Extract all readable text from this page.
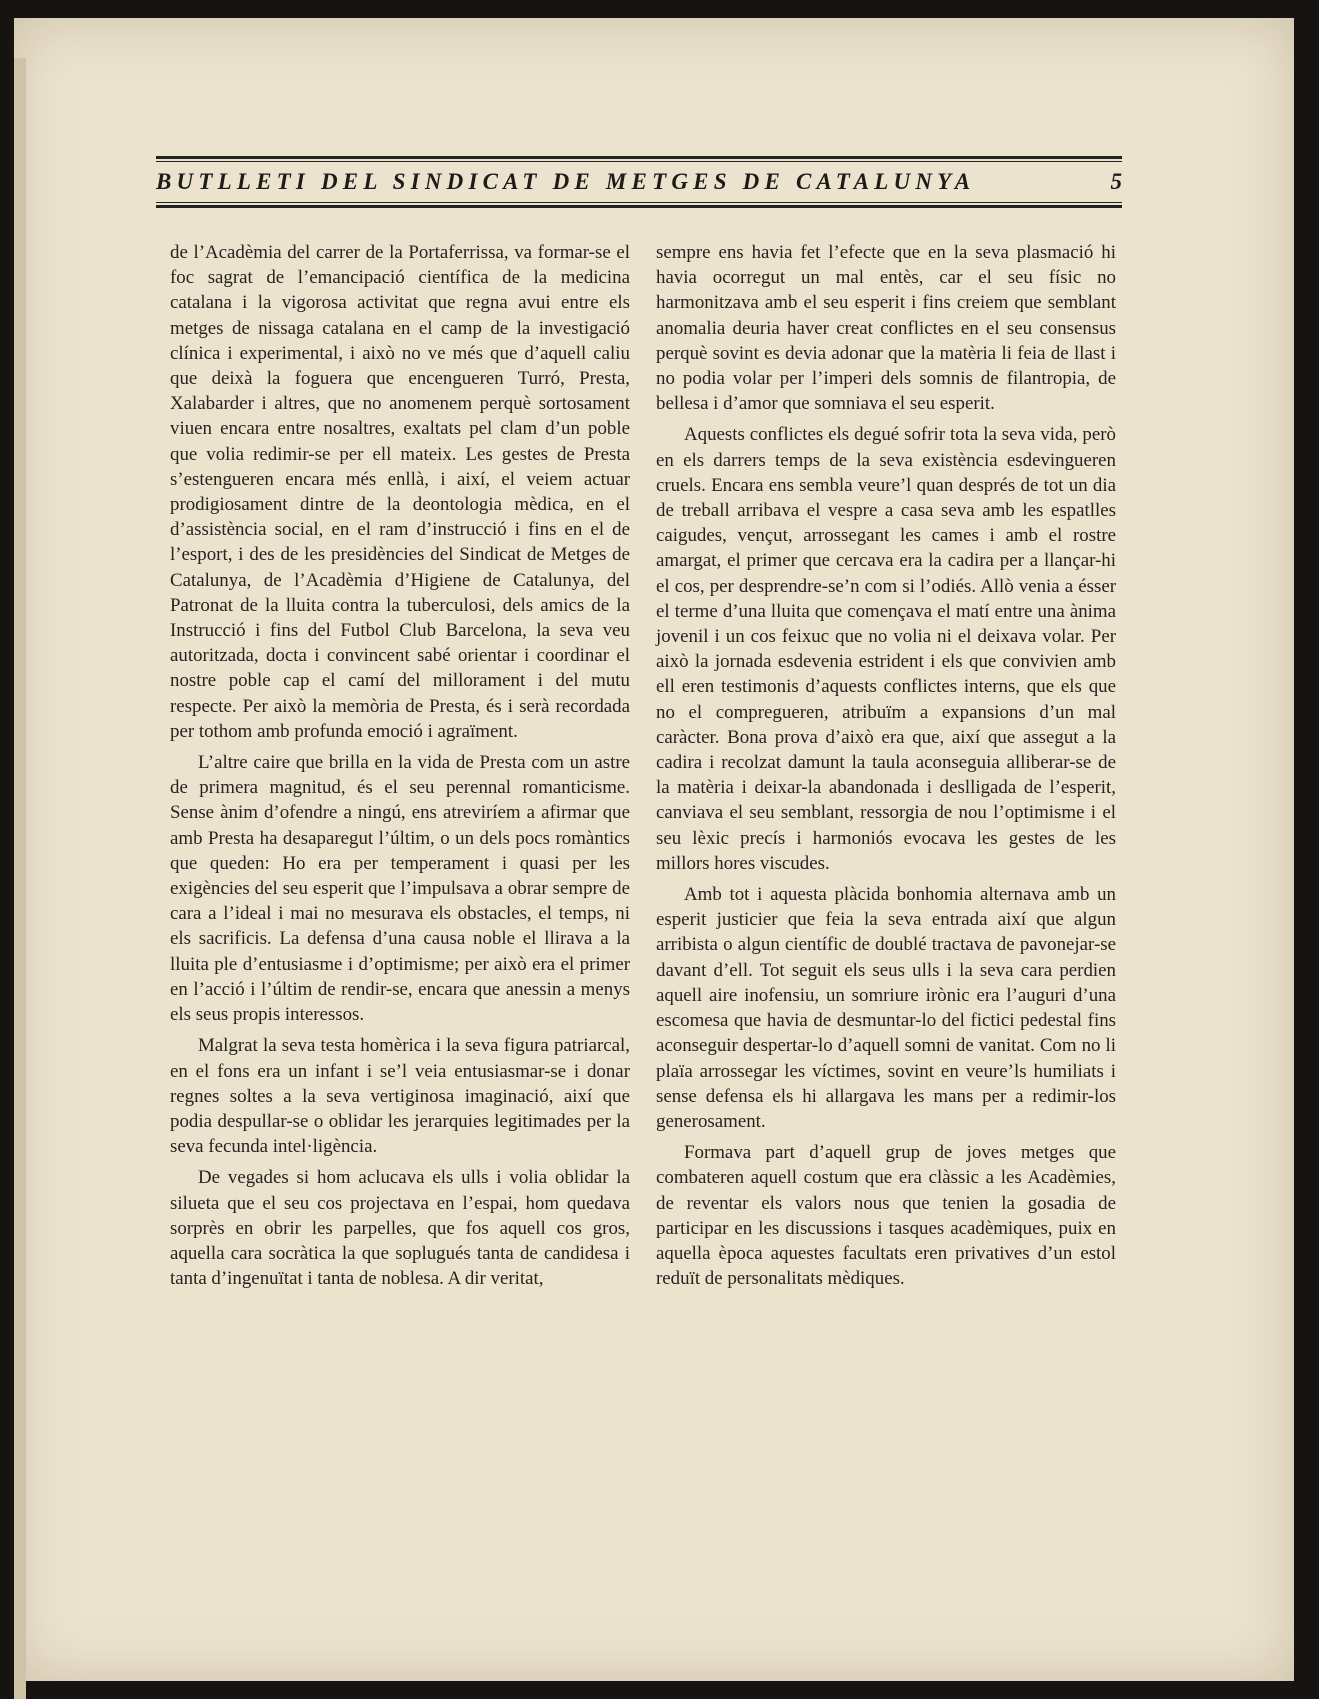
BUTLLETI DEL SINDICAT DE METGES DE CATALUNYA	5

de l’Acadèmia del carrer de la Portaferrissa, va formar-se el foc sagrat de l’emancipació científica de la medicina catalana i la vigorosa activitat que regna avui entre els metges de nissaga catalana en el camp de la investigació clínica i experimental, i això no ve més que d’aquell caliu que deixà la foguera que encengueren Turró, Presta, Xalabarder i altres, que no anomenem perquè sortosament viuen encara entre nosaltres, exaltats pel clam d’un poble que volia redimir-se per ell mateix. Les gestes de Presta s’estengueren encara més enllà, i així, el veiem actuar prodigiosament dintre de la deontologia mèdica, en el d’assistència social, en el ram d’instrucció i fins en el de l’esport, i des de les presidències del Sindicat de Metges de Catalunya, de l’Acadèmia d’Higiene de Catalunya, del Patronat de la lluita contra la tuberculosi, dels amics de la Instrucció i fins del Futbol Club Barcelona, la seva veu autoritzada, docta i convincent sabé orientar i coordinar el nostre poble cap el camí del millorament i del mutu respecte. Per això la memòria de Presta, és i serà recordada per tothom amb profunda emoció i agraïment.

L’altre caire que brilla en la vida de Presta com un astre de primera magnitud, és el seu perennal romanticisme. Sense ànim d’ofendre a ningú, ens atreviríem a afirmar que amb Presta ha desaparegut l’últim, o un dels pocs romàntics que queden: Ho era per temperament i quasi per les exigències del seu esperit que l’impulsava a obrar sempre de cara a l’ideal i mai no mesurava els obstacles, el temps, ni els sacrificis. La defensa d’una causa noble el llirava a la lluita ple d’entusiasme i d’optimisme; per això era el primer en l’acció i l’últim de rendir-se, encara que anessin a menys els seus propis interessos.

Malgrat la seva testa homèrica i la seva figura patriarcal, en el fons era un infant i se’l veia entusiasmar-se i donar regnes soltes a la seva vertiginosa imaginació, així que podia despullar-se o oblidar les jerarquies legitimades per la seva fecunda intel·ligència.

De vegades si hom aclucava els ulls i volia oblidar la silueta que el seu cos projectava en l’espai, hom quedava sorprès en obrir les parpelles, que fos aquell cos gros, aquella cara socràtica la que soplugués tanta de candidesa i tanta d’ingenuïtat i tanta de noblesa. A dir veritat,

sempre ens havia fet l’efecte que en la seva plasmació hi havia ocorregut un mal entès, car el seu físic no harmonitzava amb el seu esperit i fins creiem que semblant anomalia deuria haver creat conflictes en el seu consensus perquè sovint es devia adonar que la matèria li feia de llast i no podia volar per l’imperi dels somnis de filantropia, de bellesa i d’amor que somniava el seu esperit.

Aquests conflictes els degué sofrir tota la seva vida, però en els darrers temps de la seva existència esdevingueren cruels. Encara ens sembla veure’l quan després de tot un dia de treball arribava el vespre a casa seva amb les espatlles caigudes, vençut, arrossegant les cames i amb el rostre amargat, el primer que cercava era la cadira per a llançar-hi el cos, per desprendre-se’n com si l’odiés. Allò venia a ésser el terme d’una lluita que començava el matí entre una ànima jovenil i un cos feixuc que no volia ni el deixava volar. Per això la jornada esdevenia estrident i els que convivien amb ell eren testimonis d’aquests conflictes interns, que els que no el compregueren, atribuïm a expansions d’un mal caràcter. Bona prova d’això era que, així que assegut a la cadira i recolzat damunt la taula aconseguia alliberar-se de la matèria i deixar-la abandonada i deslligada de l’esperit, canviava el seu semblant, ressorgia de nou l’optimisme i el seu lèxic precís i harmoniós evocava les gestes de les millors hores viscudes.

Amb tot i aquesta plàcida bonhomia alternava amb un esperit justicier que feia la seva entrada així que algun arribista o algun científic de doublé tractava de pavonejar-se davant d’ell. Tot seguit els seus ulls i la seva cara perdien aquell aire inofensiu, un somriure irònic era l’auguri d’una escomesa que havia de desmuntar-lo del fictici pedestal fins aconseguir despertar-lo d’aquell somni de vanitat. Com no li plaïa arrossegar les víctimes, sovint en veure’ls humiliats i sense defensa els hi allargava les mans per a redimir-los generosament.

Formava part d’aquell grup de joves metges que combateren aquell costum que era clàssic a les Acadèmies, de reventar els valors nous que tenien la gosadia de participar en les discussions i tasques acadèmiques, puix en aquella època aquestes facultats eren privatives d’un estol reduït de personalitats mèdiques.
